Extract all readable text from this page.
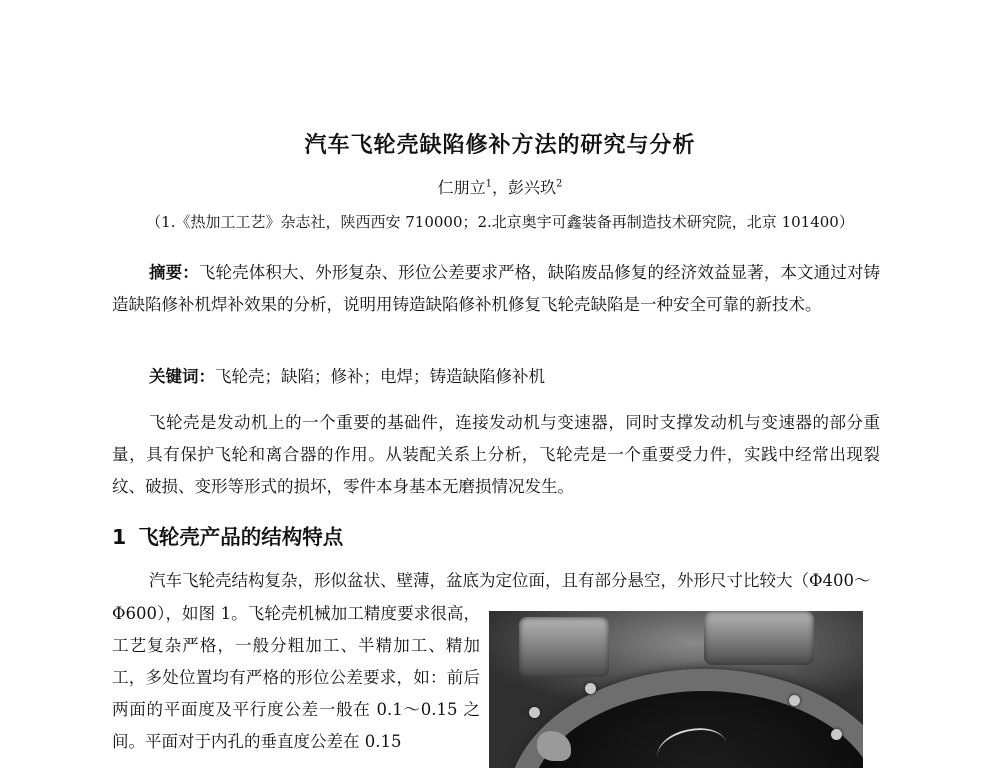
汽车飞轮壳缺陷修补方法的研究与分析

仁朋立$^1$，彭兴玖$^2$

（1.《热加工工艺》杂志社，陕西西安 710000；2.北京奥宇可鑫装备再制造技术研究院，北京 101400）

摘要：飞轮壳体积大、外形复杂、形位公差要求严格，缺陷废品修复的经济效益显著，本文通过对铸造缺陷修补机焊补效果的分析，说明用铸造缺陷修补机修复飞轮壳缺陷是一种安全可靠的新技术。

关键词：飞轮壳；缺陷；修补；电焊；铸造缺陷修补机

飞轮壳是发动机上的一个重要的基础件，连接发动机与变速器，同时支撑发动机与变速器的部分重量，具有保护飞轮和离合器的作用。从装配关系上分析，飞轮壳是一个重要受力件，实践中经常出现裂纹、破损、变形等形式的损坏，零件本身基本无磨损情况发生。

1 飞轮壳产品的结构特点

汽车飞轮壳结构复杂，形似盆状、壁薄，盆底为定位面，且有部分悬空，外形尺寸比较大（Φ400～

Φ600），如图 1。飞轮壳机械加工精度要求很高，工艺复杂严格，一般分粗加工、半精加工、精加工，多处位置均有严格的形位公差要求，如：前后两面的平面度及平行度公差一般在 0.1～0.15 之间。平面对于内孔的垂直度公差在 0.15
